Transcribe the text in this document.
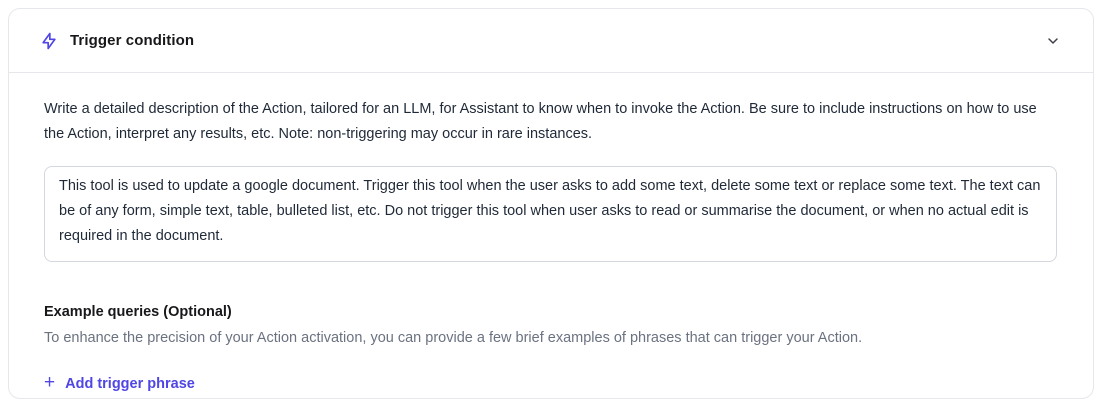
Trigger condition

Write a detailed description of the Action, tailored for an LLM, for Assistant to know when to invoke the Action. Be sure to include instructions on how to use the Action, interpret any results, etc. Note: non-triggering may occur in rare instances.

This tool is used to update a google document. Trigger this tool when the user asks to add some text, delete some text or replace some text. The text can be of any form, simple text, table, bulleted list, etc. Do not trigger this tool when user asks to read or summarise the document, or when no actual edit is required in the document.
Example queries (Optional)
To enhance the precision of your Action activation, you can provide a few brief examples of phrases that can trigger your Action.
+ Add trigger phrase
